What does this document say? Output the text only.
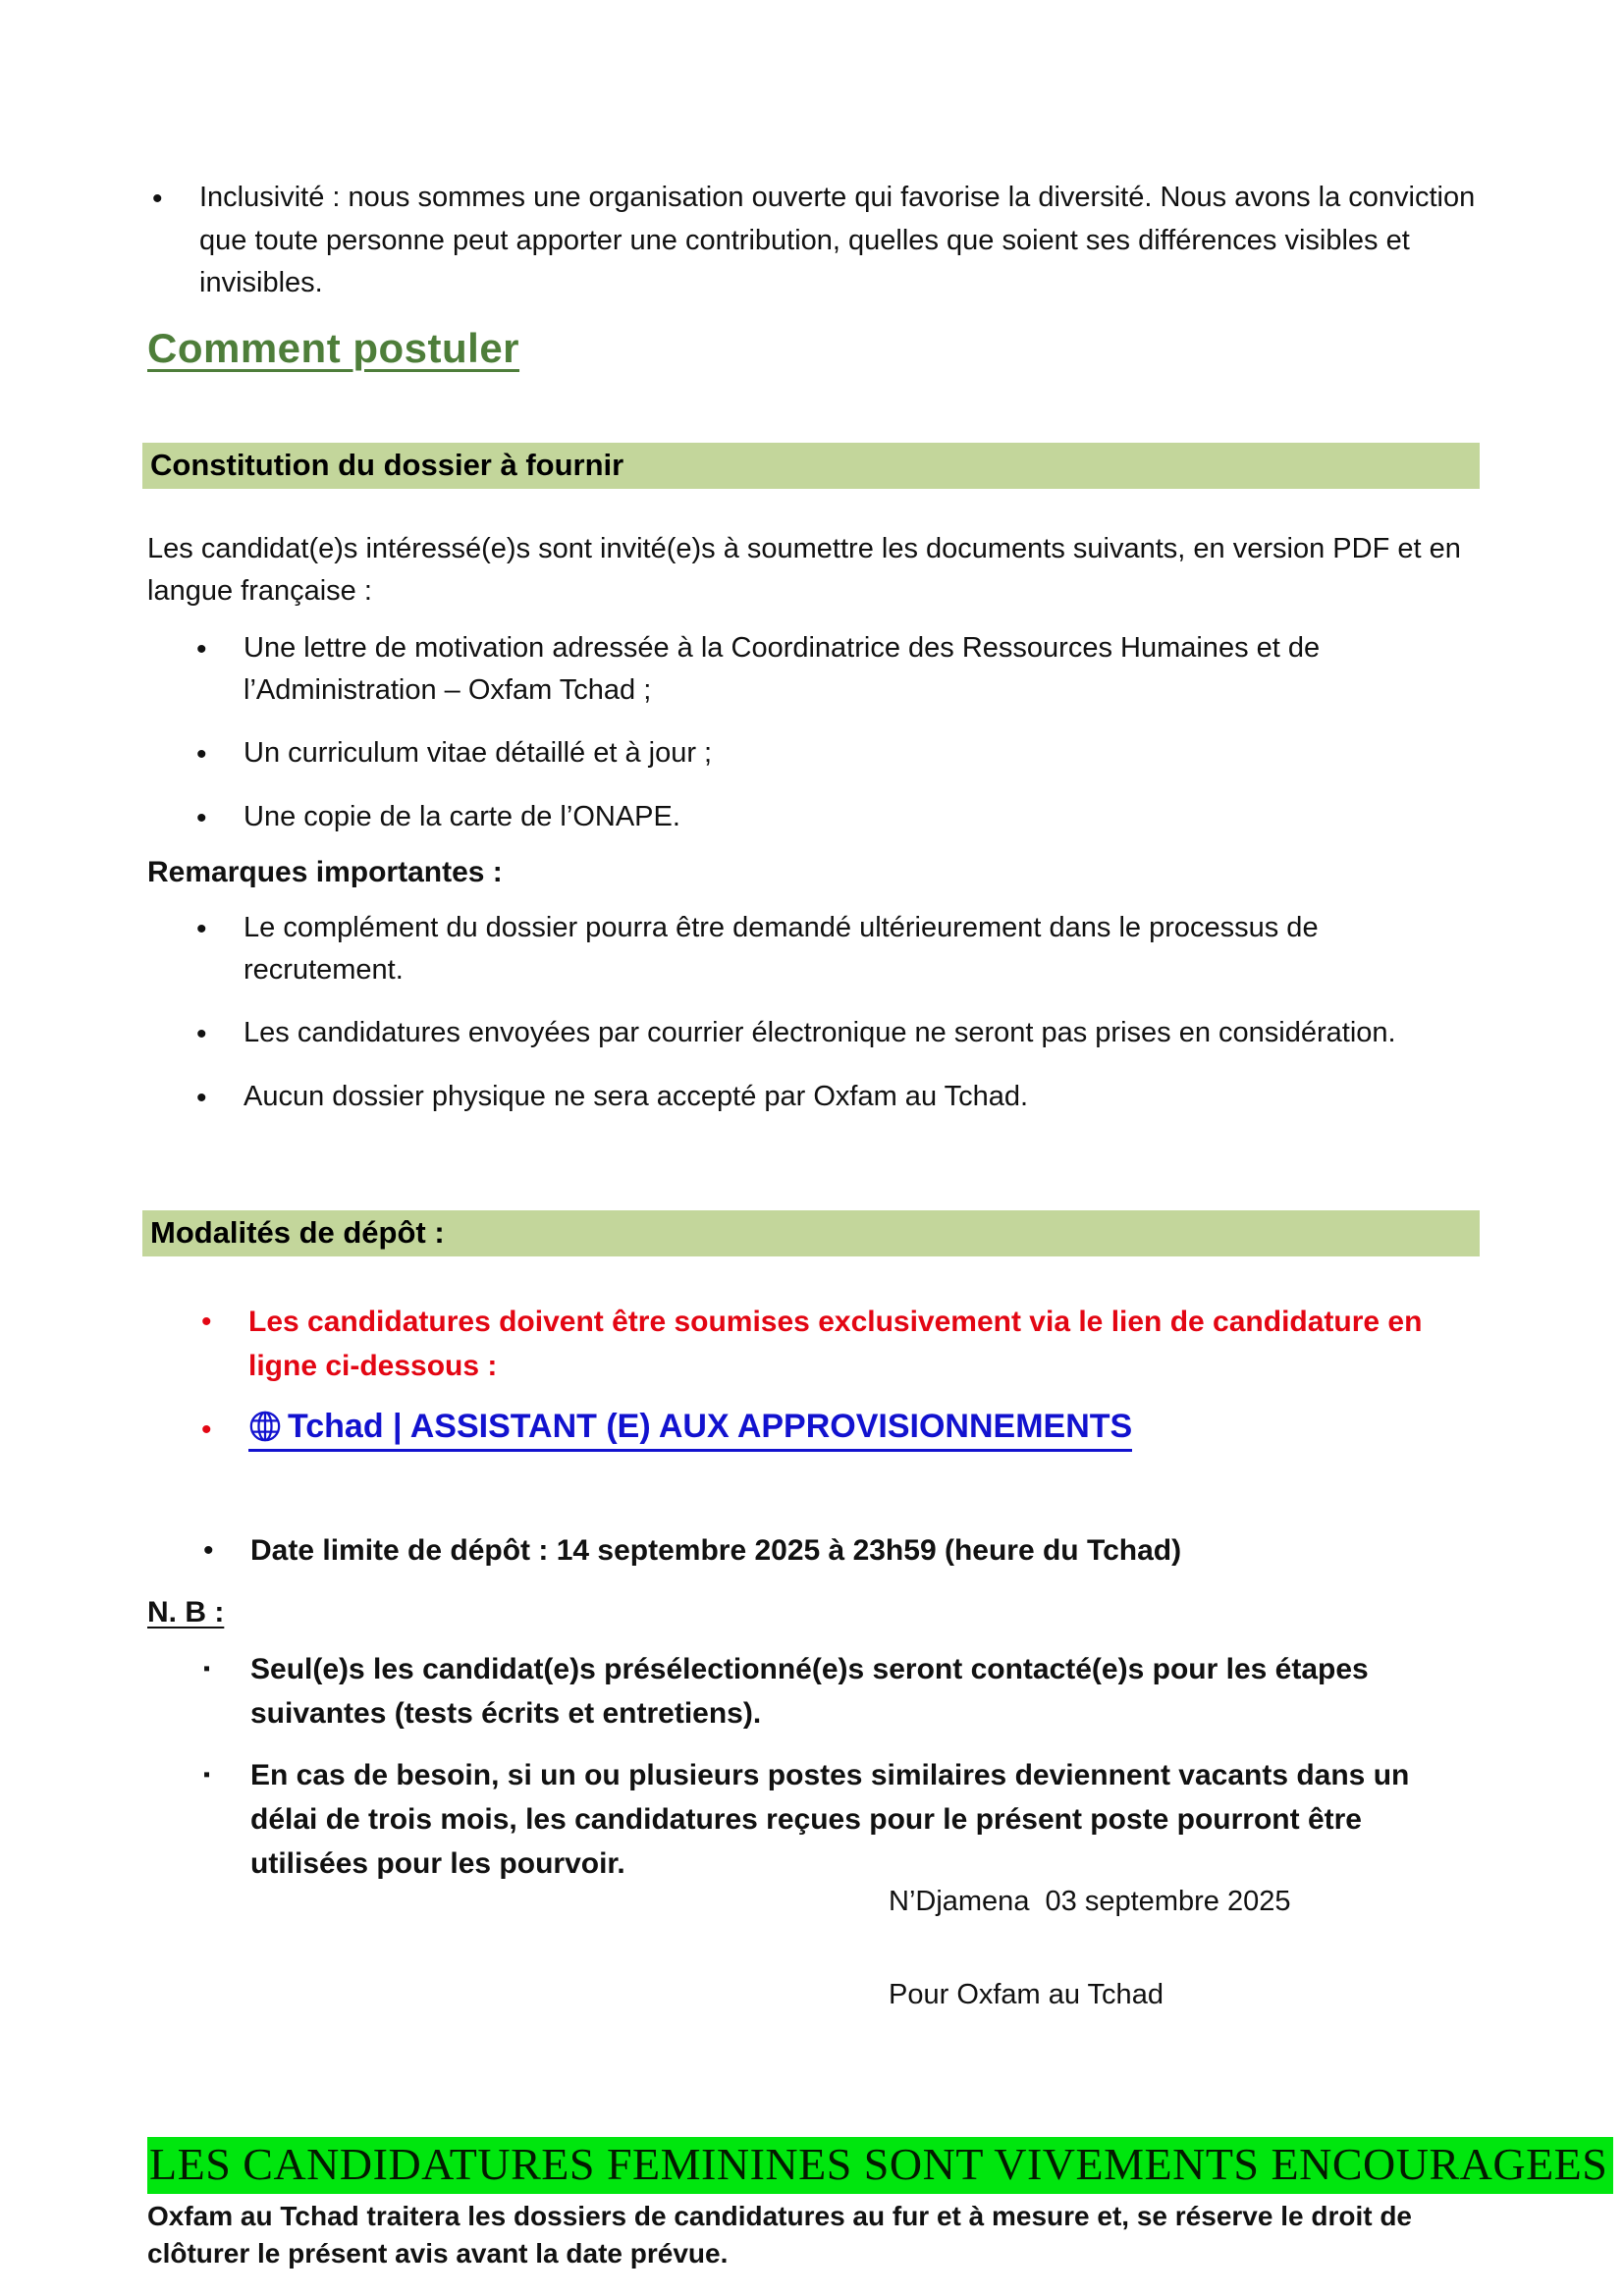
•
Inclusivité : nous sommes une organisation ouverte qui favorise la diversité. Nous avons la conviction que toute personne peut apporter une contribution, quelles que soient ses différences visibles et invisibles.
Comment postuler
Constitution du dossier à fournir
Les candidat(e)s intéressé(e)s sont invité(e)s à soumettre les documents suivants, en version PDF et en langue française :
•
Une lettre de motivation adressée à la Coordinatrice des Ressources Humaines et de l’Administration – Oxfam Tchad ;
•
Un curriculum vitae détaillé et à jour ;
•
Une copie de la carte de l’ONAPE.
Remarques importantes :
•
Le complément du dossier pourra être demandé ultérieurement dans le processus de recrutement.
•
Les candidatures envoyées par courrier électronique ne seront pas prises en considération.
•
Aucun dossier physique ne sera accepté par Oxfam au Tchad.
Modalités de dépôt :
•
Les candidatures doivent être soumises exclusivement via le lien de candidature en ligne ci-dessous :
•
Tchad | ASSISTANT (E) AUX APPROVISIONNEMENTS
•
Date limite de dépôt : 14 septembre 2025 à 23h59 (heure du Tchad)
N. B :
▪
Seul(e)s les candidat(e)s présélectionné(e)s seront contacté(e)s pour les étapes suivantes (tests écrits et entretiens).
▪
En cas de besoin, si un ou plusieurs postes similaires deviennent vacants dans un délai de trois mois, les candidatures reçues pour le présent poste pourront être utilisées pour les pourvoir.
N’Djamena  03 septembre 2025
Pour Oxfam au Tchad
LES CANDIDATURES FEMININES SONT VIVEMENTS ENCOURAGEES
Oxfam au Tchad traitera les dossiers de candidatures au fur et à mesure et, se réserve le droit de clôturer le présent avis avant la date prévue.
